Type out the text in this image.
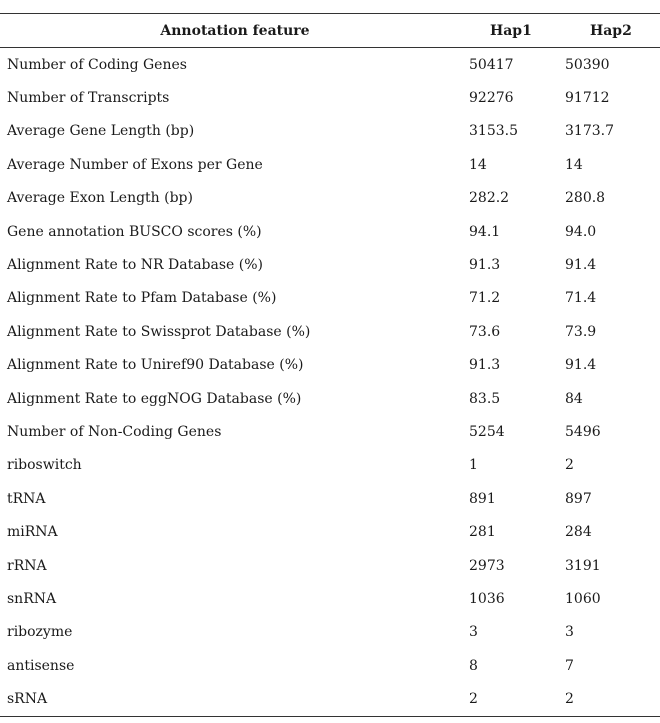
Annotation feature	Hap1	Hap2
Number of Coding Genes	50417	50390
Number of Transcripts	92276	91712
Average Gene Length (bp)	3153.5	3173.7
Average Number of Exons per Gene	14	14
Average Exon Length (bp)	282.2	280.8
Gene annotation BUSCO scores (%)	94.1	94.0
Alignment Rate to NR Database (%)	91.3	91.4
Alignment Rate to Pfam Database (%)	71.2	71.4
Alignment Rate to Swissprot Database (%)	73.6	73.9
Alignment Rate to Uniref90 Database (%)	91.3	91.4
Alignment Rate to eggNOG Database (%)	83.5	84
Number of Non-Coding Genes	5254	5496
riboswitch	1	2
tRNA	891	897
miRNA	281	284
rRNA	2973	3191
snRNA	1036	1060
ribozyme	3	3
antisense	8	7
sRNA	2	2
